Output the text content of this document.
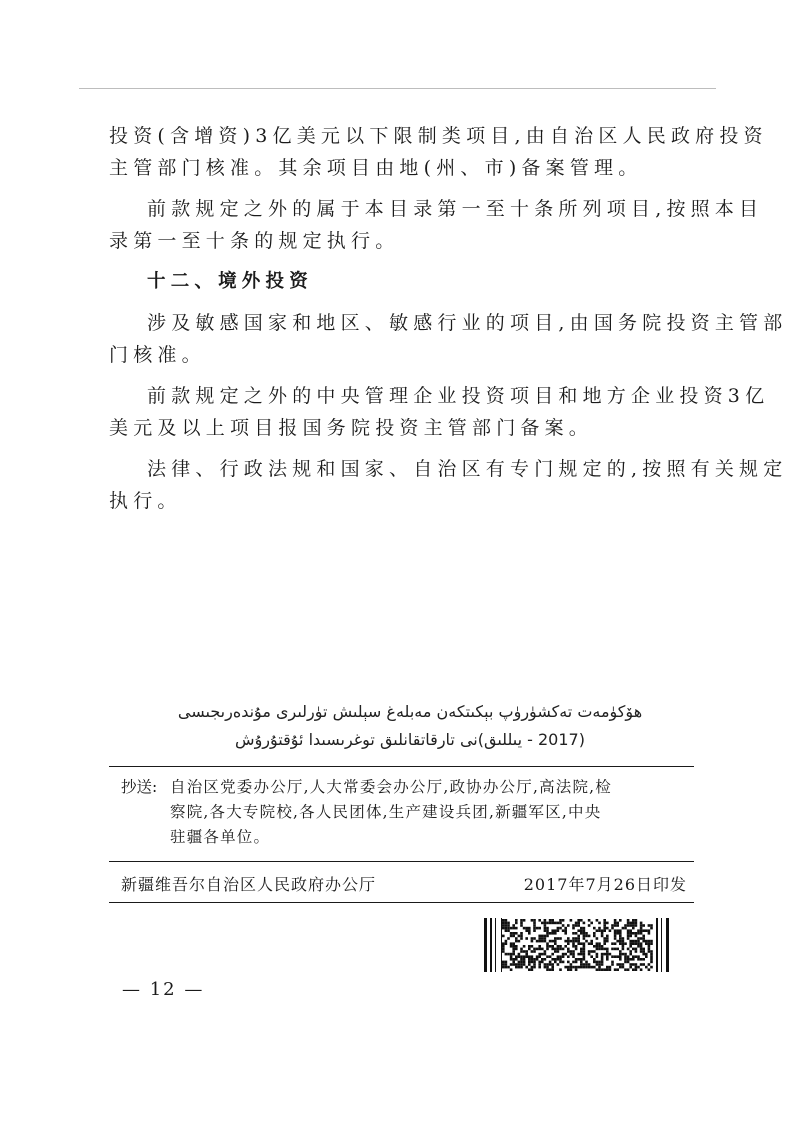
投资(含增资)3亿美元以下限制类项目,由自治区人民政府投资
主管部门核准。其余项目由地(州、市)备案管理。
前款规定之外的属于本目录第一至十条所列项目,按照本目
录第一至十条的规定执行。
十二、境外投资
涉及敏感国家和地区、敏感行业的项目,由国务院投资主管部
门核准。
前款规定之外的中央管理企业投资项目和地方企业投资3亿
美元及以上项目报国务院投资主管部门备案。
法律、行政法规和国家、自治区有专门规定的,按照有关规定
执行。
ھۆكۈمەت تەكشۈرۈپ بېكىتكەن مەبلەغ سېلىش تۈرلىرى مۇندەرىجىسى
(2017 - يىللىق)نى تارقاتقانلىق توغرىسىدا ئۇقتۇرۇش
抄送: 自治区党委办公厅,人大常委会办公厅,政协办公厅,高法院,检
察院,各大专院校,各人民团体,生产建设兵团,新疆军区,中央
驻疆各单位。
新疆维吾尔自治区人民政府办公厅	2017年7月26日印发
— 12 —
